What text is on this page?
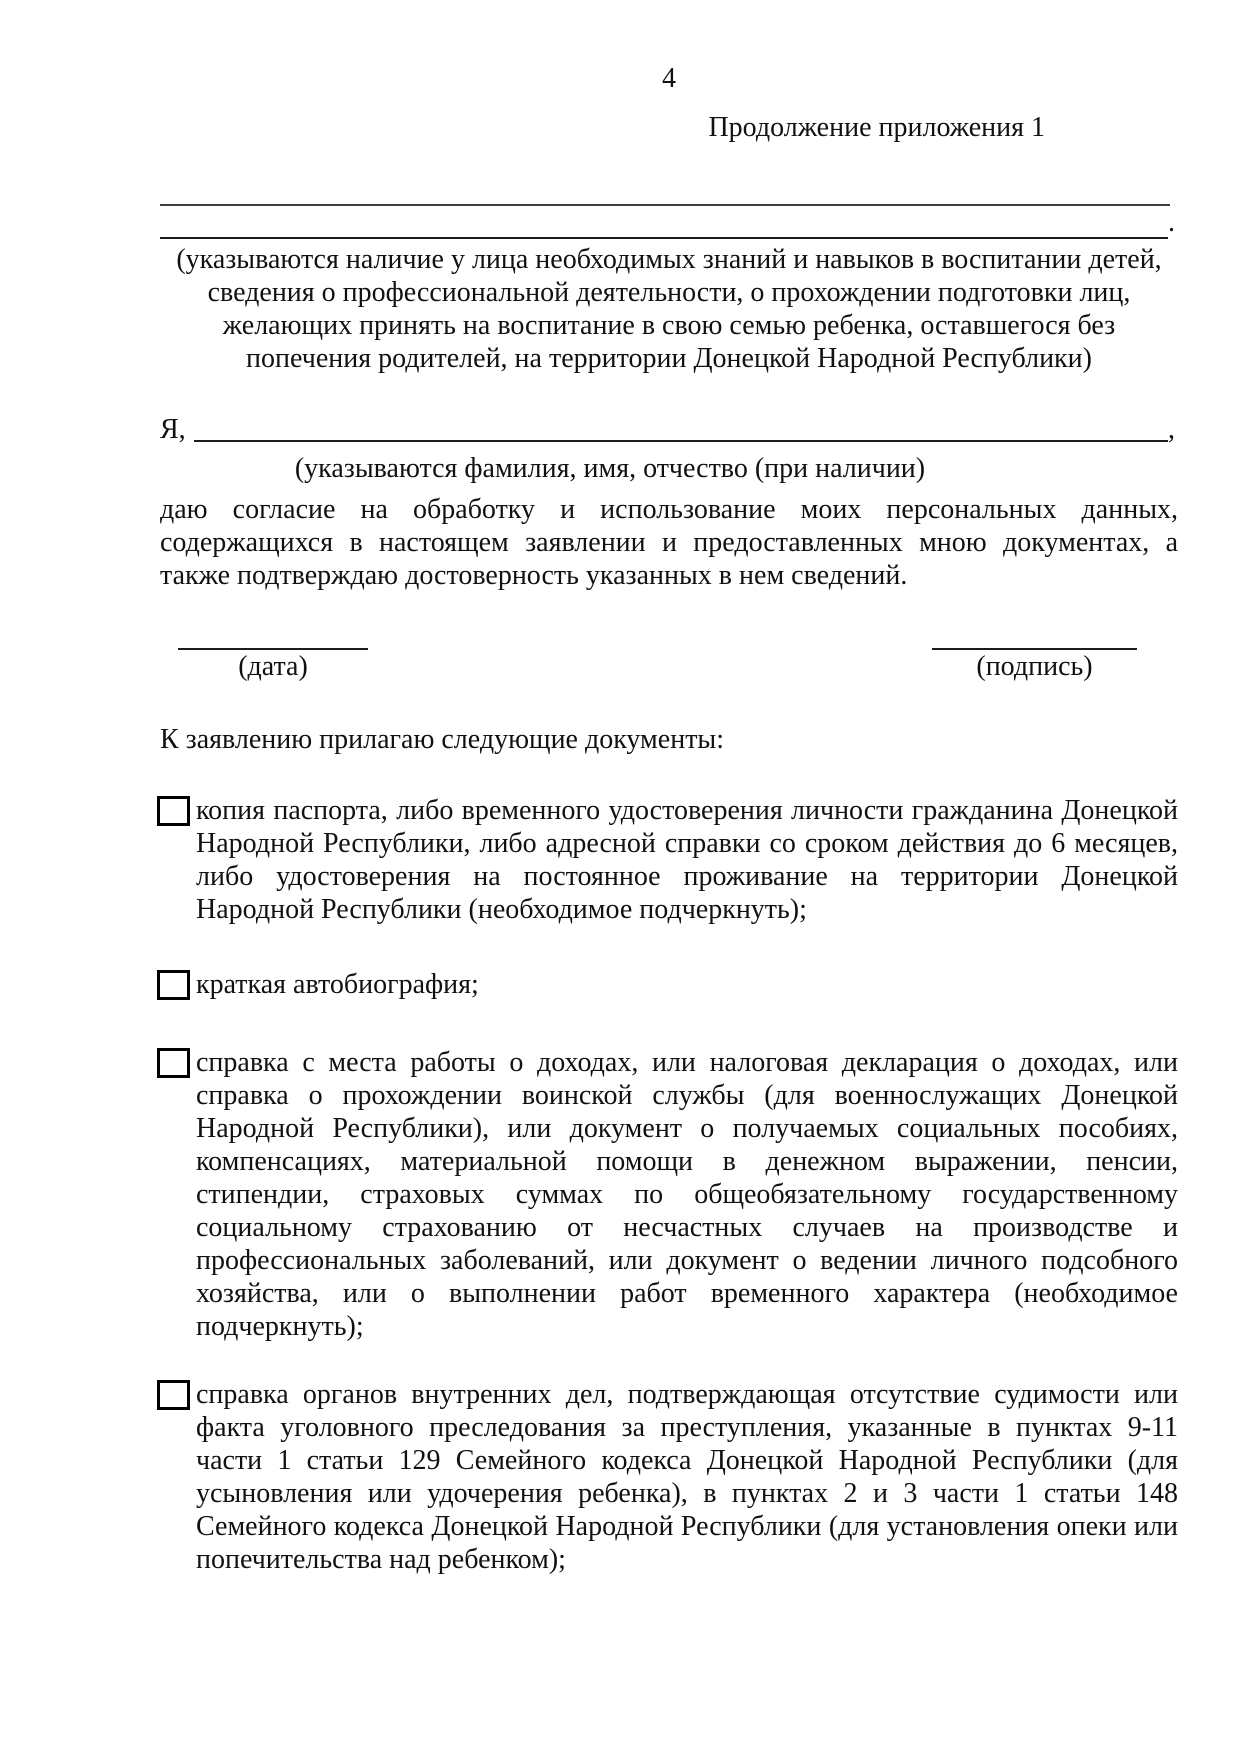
4
Продолжение приложения 1
.
(указываются наличие у лица необходимых знаний и навыков в воспитании детей, сведения о профессиональной деятельности, о прохождении подготовки лиц, желающих принять на воспитание в свою семью ребенка, оставшегося без попечения родителей, на территории Донецкой Народной Республики)
Я,	,
(указываются фамилия, имя, отчество (при наличии)
даю согласие на обработку и использование моих персональных данных, содержащихся в настоящем заявлении и предоставленных мною документах, а также подтверждаю достоверность указанных в нем сведений.
(дата)	(подпись)
К заявлению прилагаю следующие документы:
копия паспорта, либо временного удостоверения личности гражданина Донецкой Народной Республики, либо адресной справки со сроком действия до 6 месяцев, либо удостоверения на постоянное проживание на территории Донецкой Народной Республики (необходимое подчеркнуть);
краткая автобиография;
справка с места работы о доходах, или налоговая декларация о доходах, или справка о прохождении воинской службы (для военнослужащих Донецкой Народной Республики), или документ о получаемых социальных пособиях, компенсациях, материальной помощи в денежном выражении, пенсии, стипендии, страховых суммах по общеобязательному государственному социальному страхованию от несчастных случаев на производстве и профессиональных заболеваний, или документ о ведении личного подсобного хозяйства, или о выполнении работ временного характера (необходимое подчеркнуть);
справка органов внутренних дел, подтверждающая отсутствие судимости или факта уголовного преследования за преступления, указанные в пунктах 9-11 части 1 статьи 129 Семейного кодекса Донецкой Народной Республики (для усыновления или удочерения ребенка), в пунктах 2 и 3 части 1 статьи 148 Семейного кодекса Донецкой Народной Республики (для установления опеки или попечительства над ребенком);
